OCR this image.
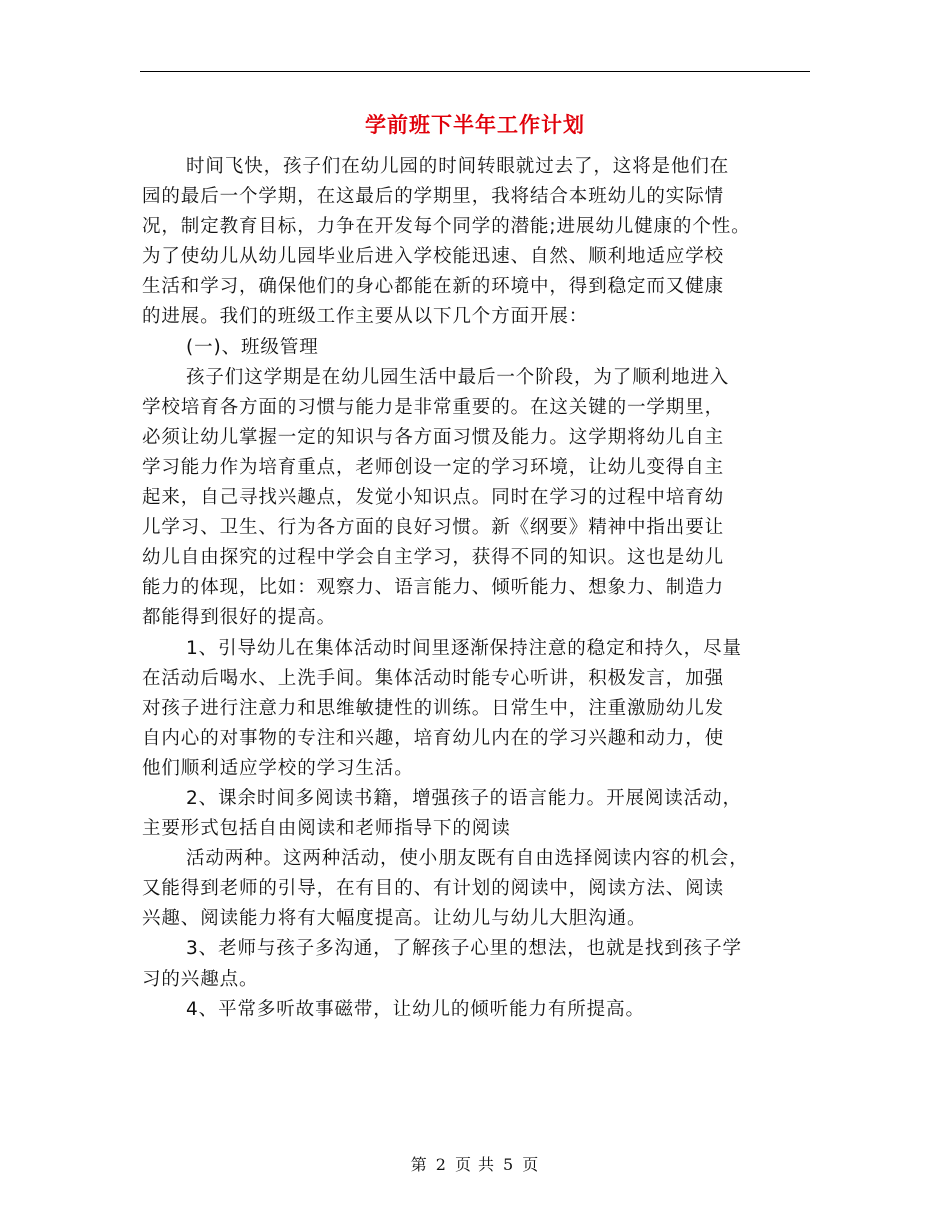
学前班下半年工作计划
时间飞快，孩子们在幼儿园的时间转眼就过去了，这将是他们在
园的最后一个学期，在这最后的学期里，我将结合本班幼儿的实际情
况，制定教育目标，力争在开发每个同学的潜能;进展幼儿健康的个性。
为了使幼儿从幼儿园毕业后进入学校能迅速、自然、顺利地适应学校
生活和学习，确保他们的身心都能在新的环境中，得到稳定而又健康
的进展。我们的班级工作主要从以下几个方面开展：
(一)、班级管理
孩子们这学期是在幼儿园生活中最后一个阶段，为了顺利地进入
学校培育各方面的习惯与能力是非常重要的。在这关键的一学期里，
必须让幼儿掌握一定的知识与各方面习惯及能力。这学期将幼儿自主
学习能力作为培育重点，老师创设一定的学习环境，让幼儿变得自主
起来，自己寻找兴趣点，发觉小知识点。同时在学习的过程中培育幼
儿学习、卫生、行为各方面的良好习惯。新《纲要》精神中指出要让
幼儿自由探究的过程中学会自主学习，获得不同的知识。这也是幼儿
能力的体现，比如：观察力、语言能力、倾听能力、想象力、制造力
都能得到很好的提高。
1、引导幼儿在集体活动时间里逐渐保持注意的稳定和持久，尽量
在活动后喝水、上洗手间。集体活动时能专心听讲，积极发言，加强
对孩子进行注意力和思维敏捷性的训练。日常生中，注重激励幼儿发
自内心的对事物的专注和兴趣，培育幼儿内在的学习兴趣和动力，使
他们顺利适应学校的学习生活。
2、课余时间多阅读书籍，增强孩子的语言能力。开展阅读活动，
主要形式包括自由阅读和老师指导下的阅读
活动两种。这两种活动，使小朋友既有自由选择阅读内容的机会，
又能得到老师的引导，在有目的、有计划的阅读中，阅读方法、阅读
兴趣、阅读能力将有大幅度提高。让幼儿与幼儿大胆沟通。
3、老师与孩子多沟通，了解孩子心里的想法，也就是找到孩子学
习的兴趣点。
4、平常多听故事磁带，让幼儿的倾听能力有所提高。
第 2 页 共 5 页
